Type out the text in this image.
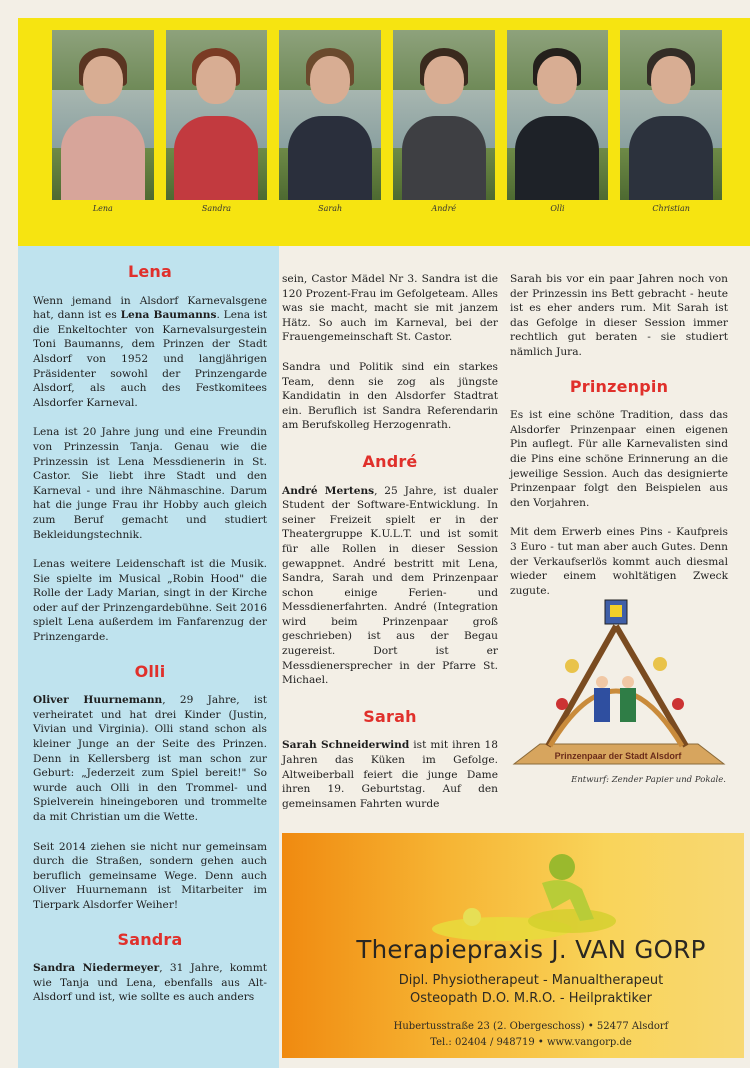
Lena	Sandra	Sarah	André	Olli	Christian
Lena

Wenn jemand in Alsdorf Karnevalsgene hat, dann ist es Lena Baumanns. Lena ist die Enkeltochter von Karnevalsurgestein Toni Baumanns, dem Prinzen der Stadt Alsdorf von 1952 und langjährigen Präsidenter sowohl der Prinzengarde Alsdorf, als auch des Festkomitees Alsdorfer Karneval.

Lena ist 20 Jahre jung und eine Freundin von Prinzessin Tanja. Genau wie die Prinzessin ist Lena Messdienerin in St. Castor. Sie liebt ihre Stadt und den Karneval - und ihre Nähmaschine. Darum hat die junge Frau ihr Hobby auch gleich zum Beruf gemacht und studiert Bekleidungstechnik.

Lenas weitere Leidenschaft ist die Musik. Sie spielte im Musical „Robin Hood" die Rolle der Lady Marian, singt in der Kirche oder auf der Prinzengardebühne. Seit 2016 spielt Lena außerdem im Fanfarenzug der Prinzengarde.

Olli

Oliver Huurnemann, 29 Jahre, ist verheiratet und hat drei Kinder (Justin, Vivian und Virginia). Olli stand schon als kleiner Junge an der Seite des Prinzen. Denn in Kellersberg ist man schon zur Geburt: „Jederzeit zum Spiel bereit!" So wurde auch Olli in den Trommel- und Spielverein hineingeboren und trommelte da mit Christian um die Wette.

Seit 2014 ziehen sie nicht nur gemeinsam durch die Straßen, sondern gehen auch beruflich gemeinsame Wege. Denn auch Oliver Huurnemann ist Mitarbeiter im Tierpark Alsdorfer Weiher!

Sandra

Sandra Niedermeyer, 31 Jahre, kommt wie Tanja und Lena, ebenfalls aus Alt-Alsdorf und ist, wie sollte es auch anders

sein, Castor Mädel Nr 3. Sandra ist die 120 Prozent-Frau im Gefolgeteam. Alles was sie macht, macht sie mit janzem Hätz. So auch im Karneval, bei der Frauengemeinschaft St. Castor.

Sandra und Politik sind ein starkes Team, denn sie zog als jüngste Kandidatin in den Alsdorfer Stadtrat ein. Beruflich ist Sandra Referendarin am Berufskolleg Herzogenrath.

André

André Mertens, 25 Jahre, ist dualer Student der Software-Entwicklung. In seiner Freizeit spielt er in der Theatergruppe K.U.L.T. und ist somit für alle Rollen in dieser Session gewappnet. André bestritt mit Lena, Sandra, Sarah und dem Prinzenpaar schon einige Ferien- und Messdienerfahrten. André (Integration wird beim Prinzenpaar groß geschrieben) ist aus der Begau zugereist. Dort ist er Messdienersprecher in der Pfarre St. Michael.

Sarah

Sarah Schneiderwind ist mit ihren 18 Jahren das Küken im Gefolge. Altweiberball feiert die junge Dame ihren 19. Geburtstag. Auf den gemeinsamen Fahrten wurde

Sarah bis vor ein paar Jahren noch von der Prinzessin ins Bett gebracht - heute ist es eher anders rum. Mit Sarah ist das Gefolge in dieser Session immer rechtlich gut beraten - sie studiert nämlich Jura.

Prinzenpin

Es ist eine schöne Tradition, dass das Alsdorfer Prinzenpaar einen eigenen Pin auflegt. Für alle Karnevalisten sind die Pins eine schöne Erinnerung an die jeweilige Session. Auch das designierte Prinzenpaar folgt den Beispielen aus den Vorjahren.

Mit dem Erwerb eines Pins - Kaufpreis 3 Euro - tut man aber auch Gutes. Denn der Verkaufserlös kommt auch diesmal wieder einem wohltätigen Zweck zugute.

Prinzenpaar der Stadt Alsdorf
Entwurf: Zender Papier und Pokale.
Therapiepraxis J. VAN GORP
Dipl. Physiotherapeut - Manualtherapeut
Osteopath D.O. M.R.O. - Heilpraktiker
Hubertusstraße 23 (2. Obergeschoss) • 52477 Alsdorf
Tel.: 02404 / 948719 • www.vangorp.de
